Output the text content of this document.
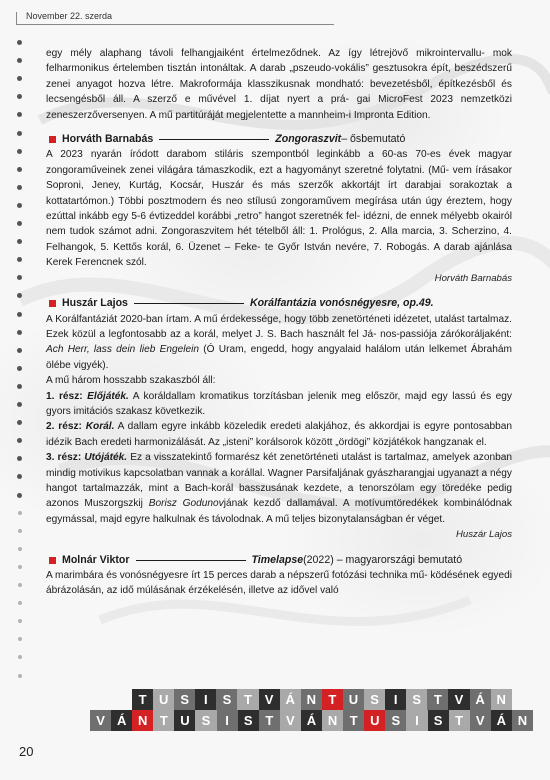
November 22. szerda

egy mély alaphang távoli felhangjaiként értelmeződnek. Az így létrejövő mikrointervallu- mok felharmonikus értelemben tisztán intonáltak. A darab „pszeudo-vokális” gesztusokra épít, beszédszerű zenei anyagot hozva létre. Makroformája klasszikusnak mondható: bevezetésből, építkezésből és lecsengésből áll. A szerző e művével 1. díjat nyert a prá- gai MicroFest 2023 nemzetközi zeneszerzőversenyen. A mű partitúráját megjelentette a mannheim-i Impronta Edition.

Horváth Barnabás	Zongoraszvit – ősbemutató

A 2023 nyarán íródott darabom stiláris szempontból leginkább a 60-as 70-es évek magyar zongoraműveinek zenei világára támaszkodik, ezt a hagyományt szeretné folytatni. (Mű- vem írásakor Soproni, Jeney, Kurtág, Kocsár, Huszár és más szerzők akkortájt írt darabjai sorakoztak a kottatartómon.) Többi posztmodern és neo stílusú zongoraművem megírása után úgy éreztem, hogy ezúttal inkább egy 5-6 évtizeddel korábbi „retro” hangot szeretnék fel- idézni, de ennek mélyebb okairól nem tudok számot adni. Zongoraszvitem hét tételből áll: 1. Prológus, 2. Alla marcia, 3. Scherzino, 4. Felhangok, 5. Kettős korál, 6. Üzenet – Feke- te Győr István nevére, 7. Robogás. A darab ajánlása Kerek Ferencnek szól.

Horváth Barnabás

Huszár Lajos	Korálfantázia vonósnégyesre, op.49.

A Korálfantáziát 2020-ban írtam. A mű érdekessége, hogy több zenetörténeti idézetet, utalást tartalmaz. Ezek közül a legfontosabb az a korál, melyet J. S. Bach használt fel Já- nos-passiója zárókoráljaként: Ach Herr, lass dein lieb Engelein (Ó Uram, engedd, hogy angyalaid halálom után lelkemet Ábrahám ölébe vigyék).

A mű három hosszabb szakaszból áll:

1. rész: Előjáték. A koráldallam kromatikus torzításban jelenik meg először, majd egy lassú és egy gyors imitációs szakasz következik.

2. rész: Korál. A dallam egyre inkább közeledik eredeti alakjához, és akkordjai is egyre pontosabban idézik Bach eredeti harmonizálását. Az „isteni” korálsorok között „ördögi” közjátékok hangzanak el.

3. rész: Utójáték. Ez a visszatekintő formarész két zenetörténeti utalást is tartalmaz, amelyek azonban mindig motivikus kapcsolatban vannak a korállal. Wagner Parsifaljának gyászharangjai ugyanazt a négy hangot tartalmazzák, mint a Bach-korál basszusának kezdete, a tenorszólam egy töredéke pedig azonos Muszorgszkij Borisz Godunovjának kezdő dallamával. A motívumtöredékek kombinálódnak egymással, majd egyre halkulnak és távolodnak. A mű teljes bizonytalanságban ér véget.

Huszár Lajos

Molnár Viktor	Timelapse (2022) – magyarországi bemutató

A marimbára és vonósnégyesre írt 15 perces darab a népszerű fotózási technika mű- ködésének egyedi ábrázolásán, az idő múlásának érzékelésén, illetve az idővel való

T U S	I	S T V Á N T U S	I	S T V Á N
V Á N T U S	I	S T V Á N T U S	I	S T V Á N
20
